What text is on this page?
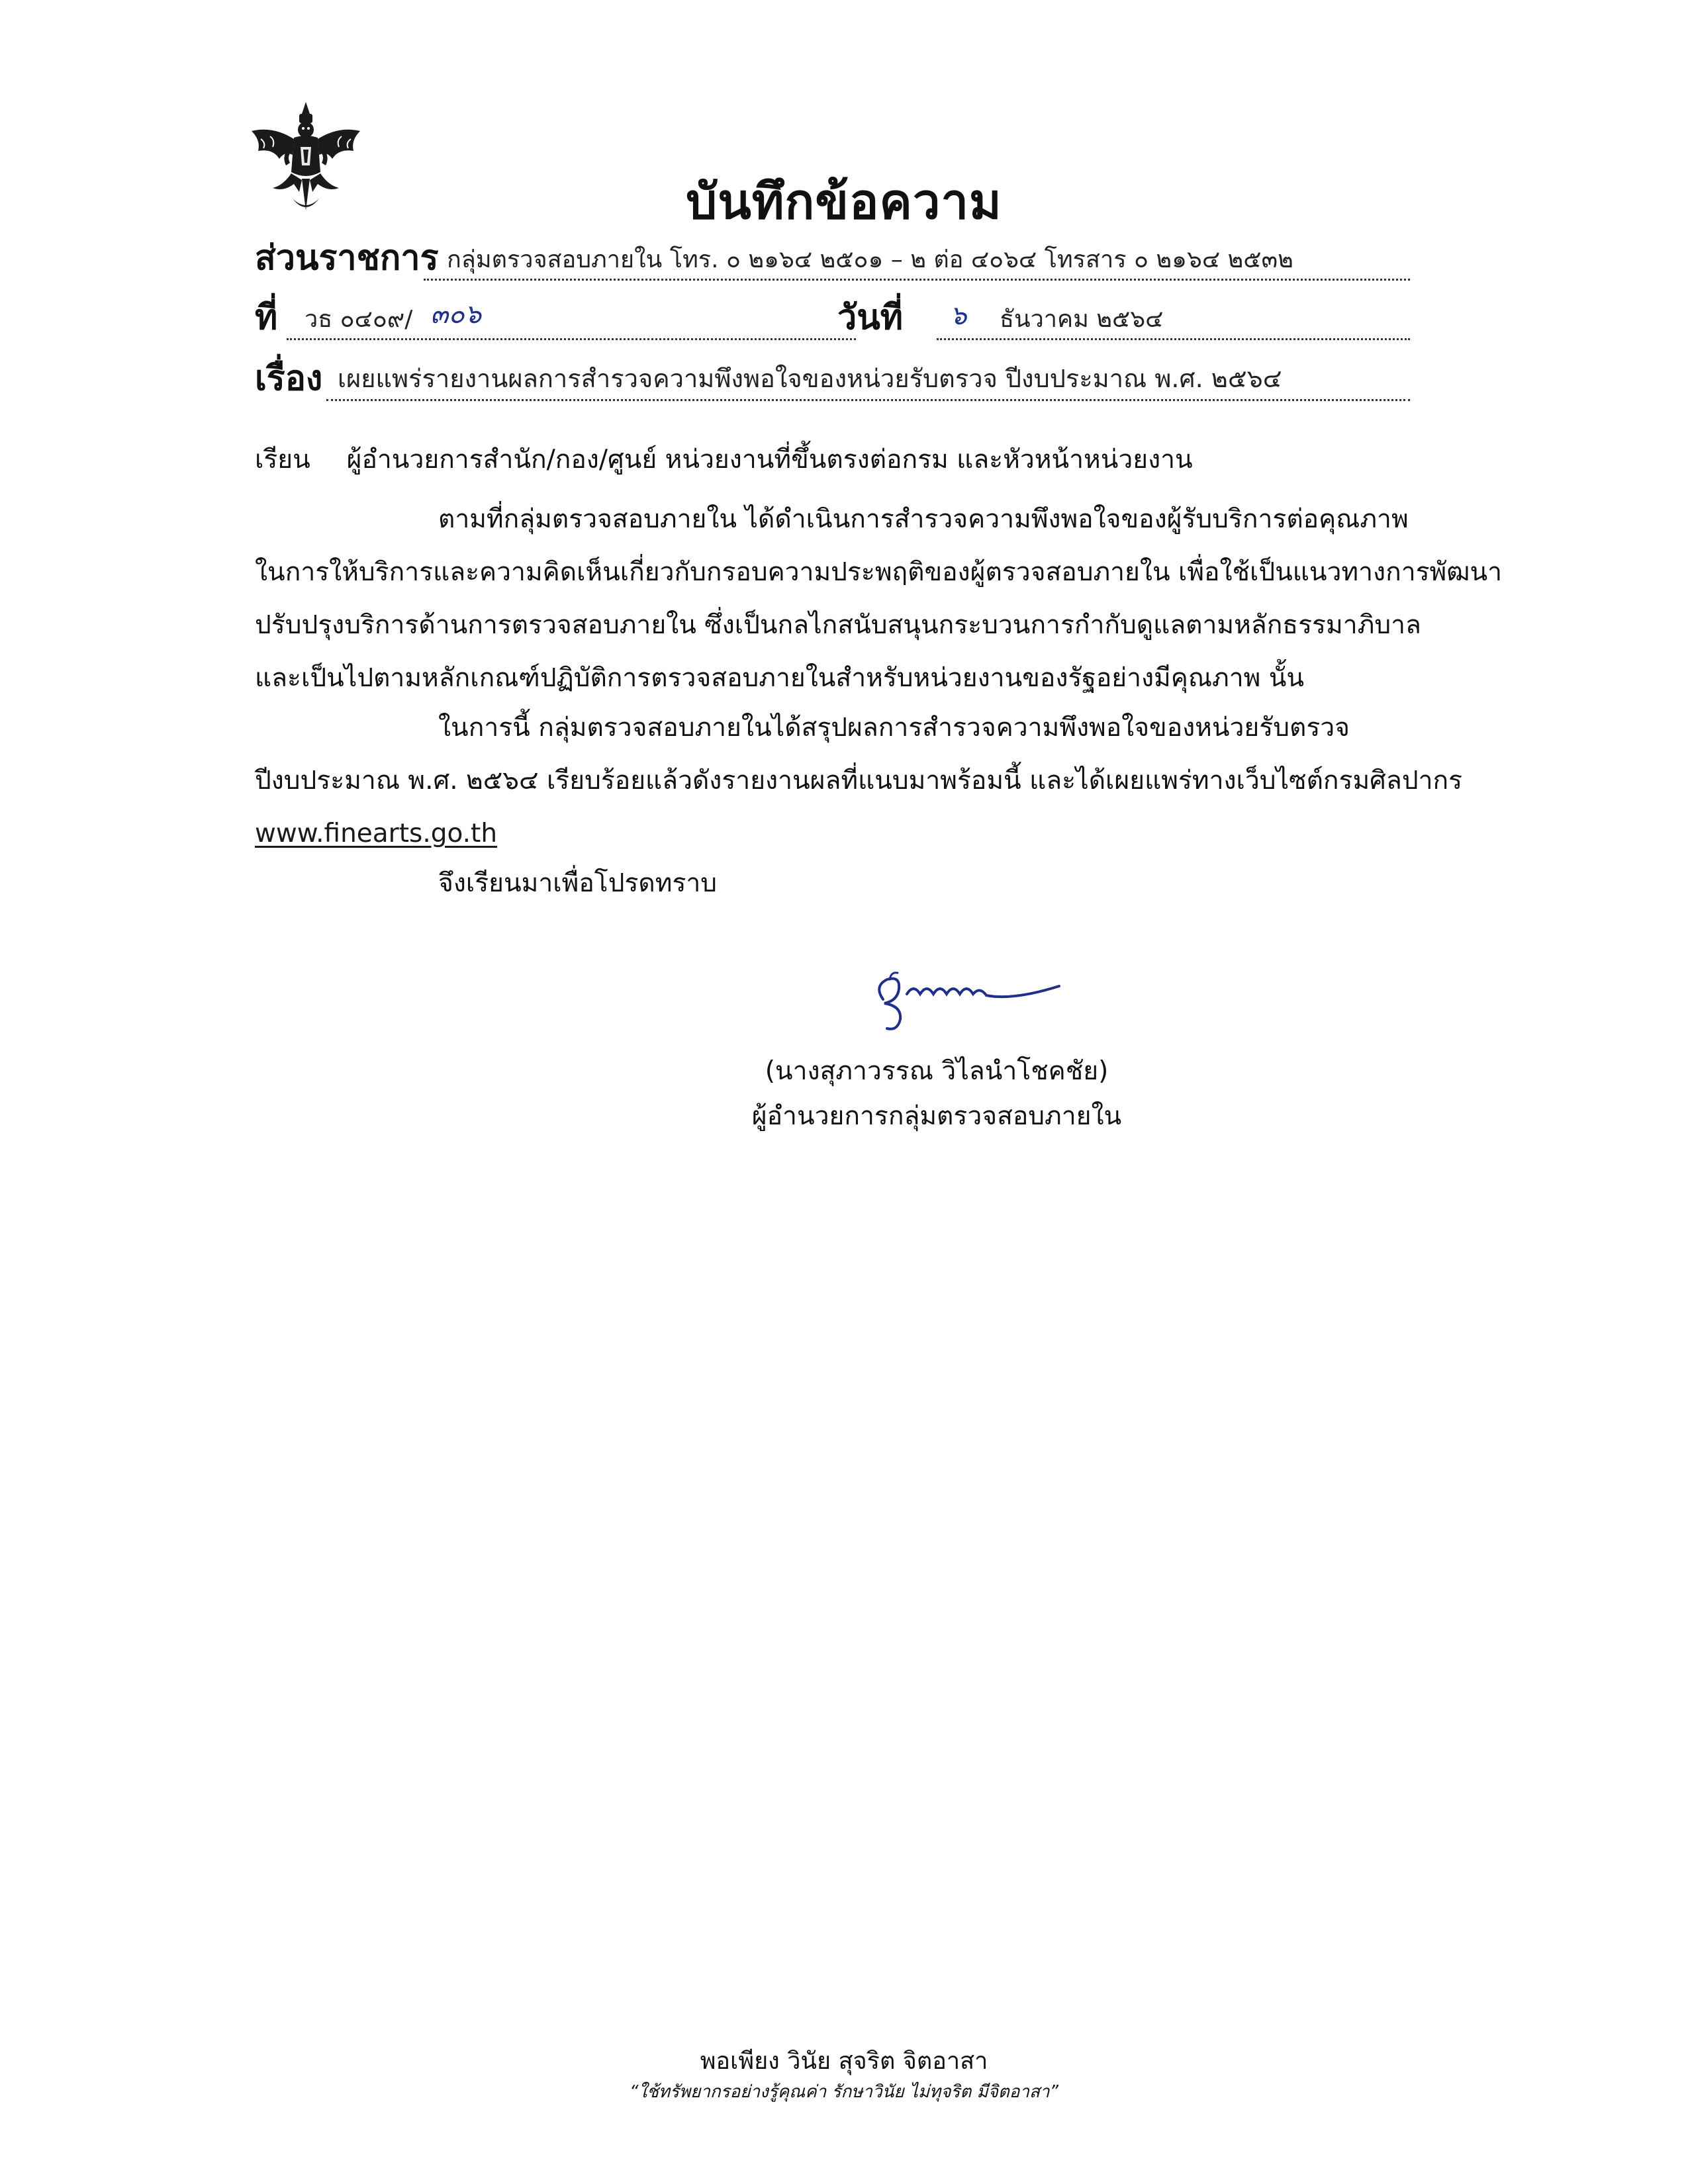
บันทึกข้อความ
ส่วนราชการ กลุ่มตรวจสอบภายใน โทร. ๐ ๒๑๖๔ ๒๕๐๑ – ๒ ต่อ ๔๐๖๔ โทรสาร ๐ ๒๑๖๔ ๒๕๓๒
ที่ วธ ๐๔๐๙/ ๓๐๖	วันที่ ๖ ธันวาคม ๒๕๖๔
เรื่อง เผยแพร่รายงานผลการสำรวจความพึงพอใจของหน่วยรับตรวจ ปีงบประมาณ พ.ศ. ๒๕๖๔
เรียน ผู้อำนวยการสำนัก/กอง/ศูนย์ หน่วยงานที่ขึ้นตรงต่อกรม และหัวหน้าหน่วยงาน
ตามที่กลุ่มตรวจสอบภายใน ได้ดำเนินการสำรวจความพึงพอใจของผู้รับบริการต่อคุณภาพ
ในการให้บริการและความคิดเห็นเกี่ยวกับกรอบความประพฤติของผู้ตรวจสอบภายใน เพื่อใช้เป็นแนวทางการพัฒนา
ปรับปรุงบริการด้านการตรวจสอบภายใน ซึ่งเป็นกลไกสนับสนุนกระบวนการกำกับดูแลตามหลักธรรมาภิบาล
และเป็นไปตามหลักเกณฑ์ปฏิบัติการตรวจสอบภายในสำหรับหน่วยงานของรัฐอย่างมีคุณภาพ นั้น
ในการนี้ กลุ่มตรวจสอบภายในได้สรุปผลการสำรวจความพึงพอใจของหน่วยรับตรวจ
ปีงบประมาณ พ.ศ. ๒๕๖๔ เรียบร้อยแล้วดังรายงานผลที่แนบมาพร้อมนี้ และได้เผยแพร่ทางเว็บไซต์กรมศิลปากร
www.finearts.go.th
จึงเรียนมาเพื่อโปรดทราบ
(นางสุภาวรรณ วิไลนำโชคชัย)
ผู้อำนวยการกลุ่มตรวจสอบภายใน
พอเพียง วินัย สุจริต จิตอาสา
“ใช้ทรัพยากรอย่างรู้คุณค่า รักษาวินัย ไม่ทุจริต มีจิตอาสา”
